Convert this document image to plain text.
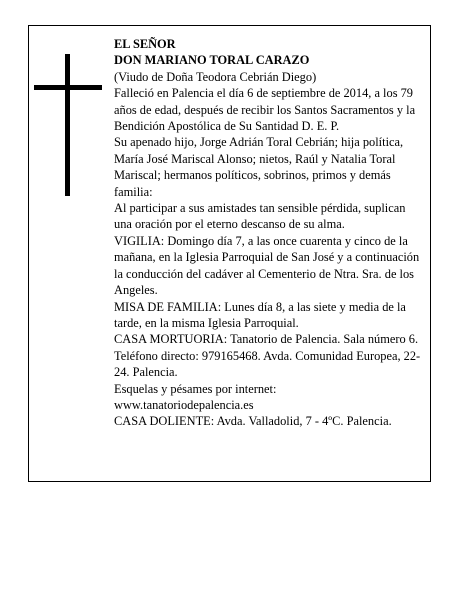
EL SEÑOR

DON MARIANO TORAL CARAZO

(Viudo de Doña Teodora Cebrián Diego)

Falleció en Palencia el día 6 de septiembre de 2014, a los 79 años de edad, después de recibir los Santos Sacramentos y la Bendición Apostólica de Su Santidad D. E. P.

Su apenado hijo, Jorge Adrián Toral Cebrián; hija política, María José Mariscal Alonso; nietos, Raúl y Natalia Toral Mariscal; hermanos políticos, sobrinos, primos y demás familia:

Al participar a sus amistades tan sensible pérdida, suplican una oración por el eterno descanso de su alma.

VIGILIA: Domingo día 7, a las once cuarenta y cinco de la mañana, en la Iglesia Parroquial de San José y a continuación la conducción del cadáver al Cementerio de Ntra. Sra. de los Angeles.

MISA DE FAMILIA: Lunes día 8, a las siete y media de la tarde, en la misma Iglesia Parroquial.

CASA MORTUORIA: Tanatorio de Palencia. Sala número 6. Teléfono directo: 979165468. Avda. Comunidad Europea, 22-24. Palencia.

Esquelas y pésames por internet:

www.tanatoriodepalencia.es

CASA DOLIENTE: Avda. Valladolid, 7 - 4ºC. Palencia.
